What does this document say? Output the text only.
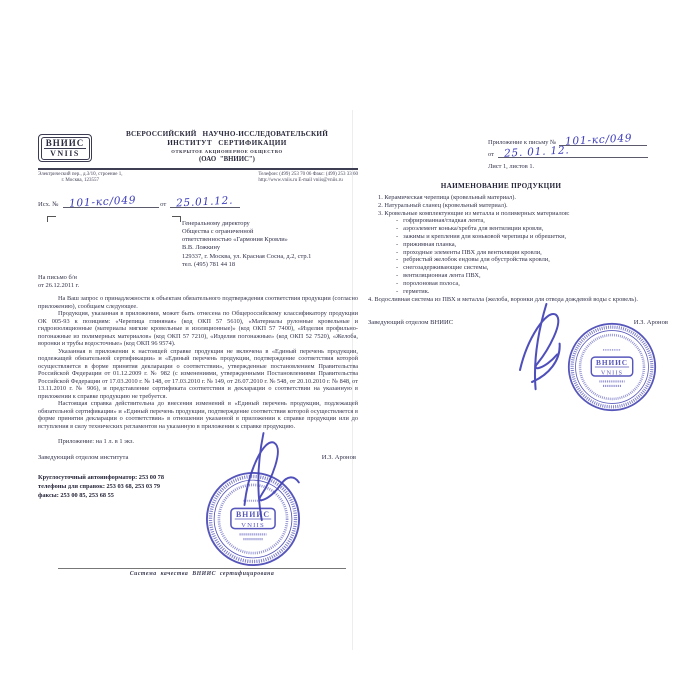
ВНИИС
VNIIS
ВСЕРОССИЙСКИЙ НАУЧНО-ИССЛЕДОВАТЕЛЬСКИЙ
ИНСТИТУТ СЕРТИФИКАЦИИ
ОТКРЫТОЕ АКЦИОНЕРНОЕ ОБЩЕСТВО
(ОАО "ВНИИС")
Электрический пер., д.3/10, строение 1,
г. Москва, 123557
Телефон: (499) 253 70 06 Факс: (499) 253 33 60
http://www.vniis.ru E-mail vniis@vniis.ru
Исх. № 101-кс/049	от 25.01.12.
Генеральному директору
Общества с ограниченной
ответственностью «Гармония Кровли»
В.В. Ложкину
129337, г. Москва, ул. Красная Сосна, д.2, стр.1
тел. (495) 781 44 18
На письмо б/н
от 26.12.2011 г.

На Ваш запрос о принадлежности к объектам обязательного подтверждения соответствия продукции (согласно приложению), сообщаем следующее.

Продукция, указанная в приложении, может быть отнесена по Общероссийскому классификатору продукции ОК 005-93 к позициям: «Черепица глиняная» (код ОКП 57 5610), «Материалы рулонные кровельные и гидроизоляционные (материалы мягкие кровельные и изоляционные)» (код ОКП 57 7400), «Изделия профильно-погонажные из полимерных материалов» (код ОКП 57 7210), «Изделия погонажные» (код ОКП 52 7520), «Желоба, воронки и трубы водосточные» (код ОКП 96 9574).

Указанная в приложении к настоящей справке продукция не включена в «Единый перечень продукции, подлежащей обязательной сертификации» и «Единый перечень продукции, подтверждение соответствия которой осуществляется в форме принятия декларации о соответствии», утвержденные постановлением Правительства Российской Федерации от 01.12.2009 г. № 982 (с изменениями, утвержденными Постановлениями Правительства Российской Федерации от 17.03.2010 г. № 148, от 17.03.2010 г. № 149, от 26.07.2010 г. № 548, от 20.10.2010 г. № 848, от 13.11.2010 г. № 906), и представление сертификата соответствия и декларации о соответствии на указанную в приложении к справке продукцию не требуется.

Настоящая справка действительна до внесения изменений в «Единый перечень продукции, подлежащей обязательной сертификации» и «Единый перечень продукции, подтверждение соответствия которой осуществляется в форме принятия декларации о соответствии» в отношении указанной в приложении к справке продукции или до вступления в силу технических регламентов на указанную в приложении к справке продукцию.

Приложение: на 1 л. в 1 экз.
Заведующий отделом института	И.З. Аронов
Круглосуточный автоинформатор: 253 00 78
телефоны для справок: 253 03 68, 253 03 79
факсы: 253 00 85, 253 68 55
Система качества ВНИИС сертифицирована
ВНИИС
VNIIS
Приложение к письму № 101-кс/049
от 25. 01. 12.
Лист 1, листов 1.
НАИМЕНОВАНИЕ ПРОДУКЦИИ
1. Керамическая черепица (кровельный материал).
2. Натуральный сланец (кровельный материал).
3. Кровельные комплектующие из металла и полимерных материалов:
- гофрированная/гладкая лента,
- аэроэлемент конька/хребта для вентиляции кровли,
- зажимы и крепления для коньковой черепицы и обрешетки,
- прижимная планка,
- проходные элементы ПВХ для вентиляции кровли,
- ребристый желобок ендовы для обустройства кровли,
- снегозадерживающие системы,
- вентиляционная лента ПВХ,
- поролоновая полоса,
- герметик.
4. Водосливная система из ПВХ и металла (желоба, воронки для отвода дождевой воды с кровель).
Заведующий отделом ВНИИС	И.З. Аронов
ВНИИС
VNIIS
